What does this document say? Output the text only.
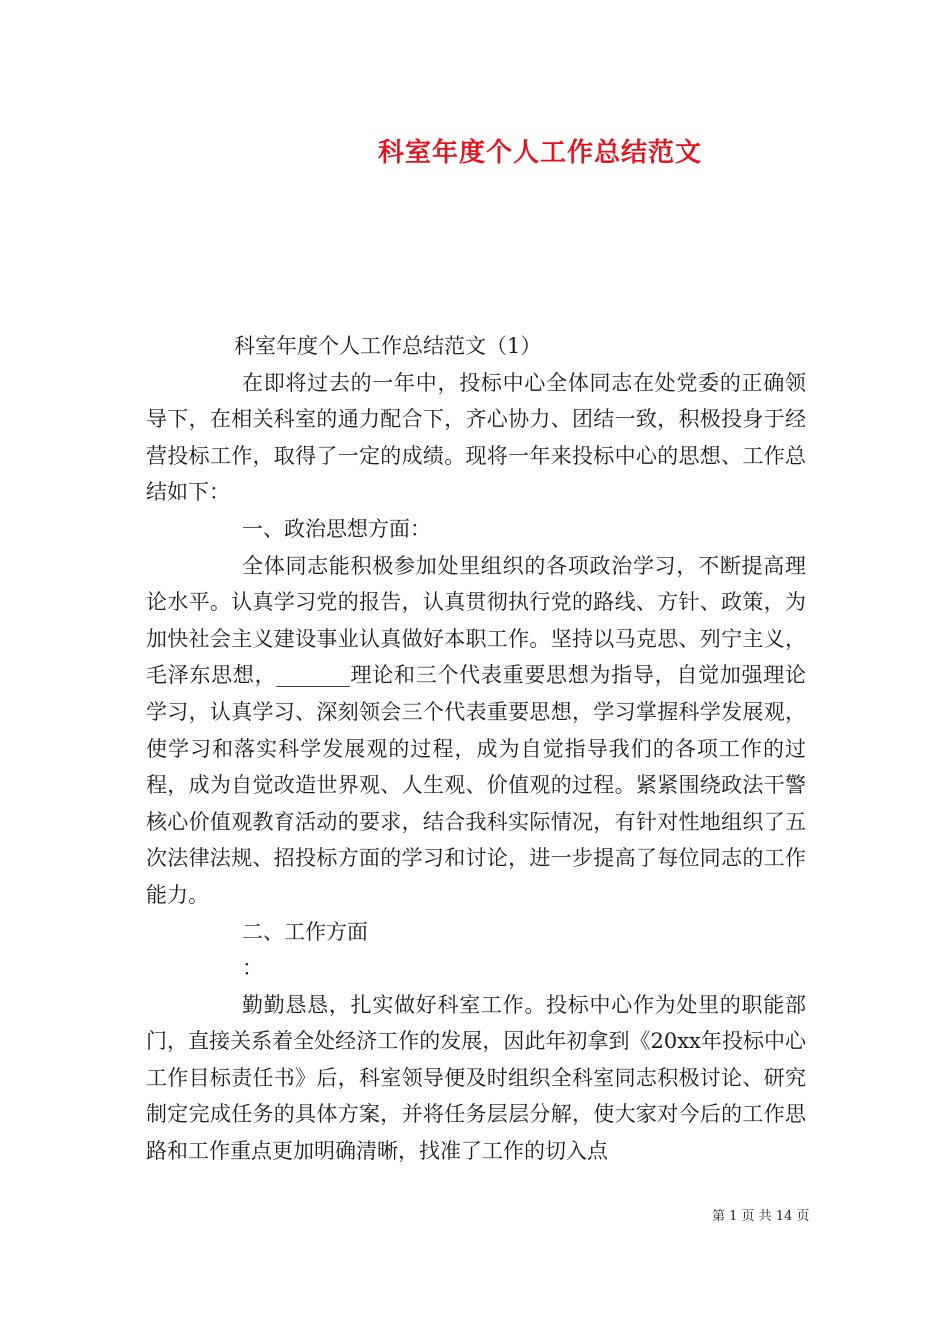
科室年度个人工作总结范文

科室年度个人工作总结范文（1）

在即将过去的一年中，投标中心全体同志在处党委的正确领导下，在相关科室的通力配合下，齐心协力、团结一致，积极投身于经营投标工作，取得了一定的成绩。现将一年来投标中心的思想、工作总结如下：

一、政治思想方面：

全体同志能积极参加处里组织的各项政治学习，不断提高理论水平。认真学习党的报告，认真贯彻执行党的路线、方针、政策，为加快社会主义建设事业认真做好本职工作。坚持以马克思、列宁主义，毛泽东思想，_______理论和三个代表重要思想为指导，自觉加强理论学习，认真学习、深刻领会三个代表重要思想，学习掌握科学发展观，使学习和落实科学发展观的过程，成为自觉指导我们的各项工作的过程，成为自觉改造世界观、人生观、价值观的过程。紧紧围绕政法干警核心价值观教育活动的要求，结合我科实际情况，有针对性地组织了五次法律法规、招投标方面的学习和讨论，进一步提高了每位同志的工作能力。

二、工作方面

：

勤勤恳恳，扎实做好科室工作。投标中心作为处里的职能部门，直接关系着全处经济工作的发展，因此年初拿到《20xx年投标中心工作目标责任书》后，科室领导便及时组织全科室同志积极讨论、研究制定完成任务的具体方案，并将任务层层分解，使大家对今后的工作思路和工作重点更加明确清晰，找准了工作的切入点

第 1 页 共 14 页
